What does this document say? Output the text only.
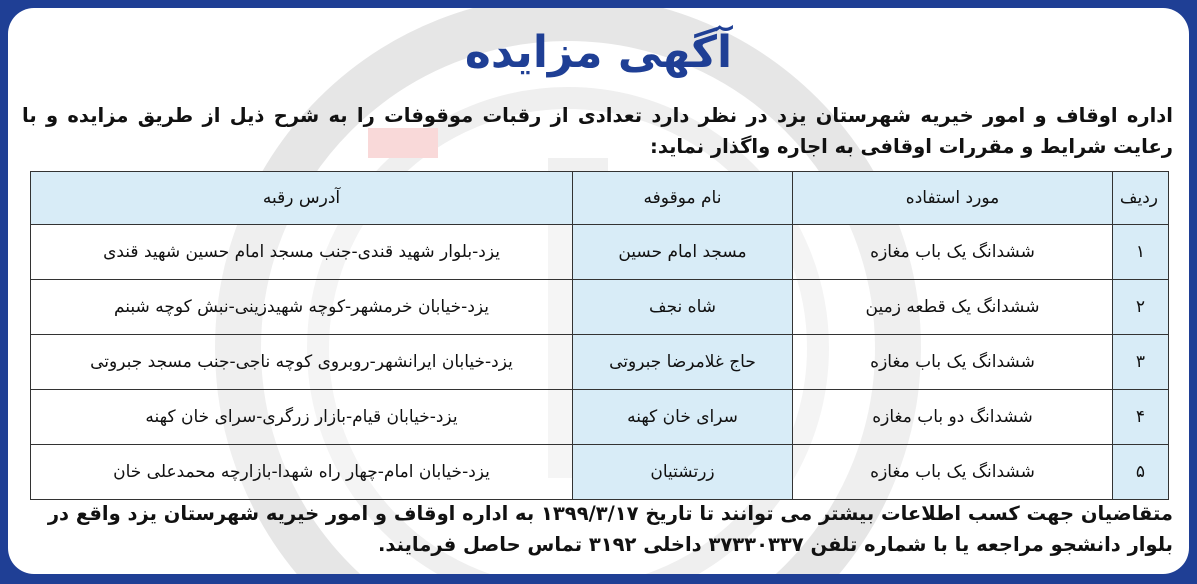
آگهی مزایده
اداره اوقاف و امور خیریه شهرستان یزد در نظر دارد تعدادی از رقبات موقوفات را به شرح ذیل از طریق مزایده و با رعایت شرایط و مقررات اوقافی به اجاره واگذار نماید:
ردیف	مورد استفاده	نام موقوفه	آدرس رقبه
۱	ششدانگ یک باب مغازه	مسجد امام حسین	یزد-بلوار شهید قندی-جنب مسجد امام حسین شهید قندی
۲	ششدانگ یک قطعه زمین	شاه نجف	یزد-خیابان خرمشهر-کوچه شهیدزینی-نبش کوچه شبنم
۳	ششدانگ یک باب مغازه	حاج غلامرضا جبروتی	یزد-خیابان ایرانشهر-روبروی کوچه ناجی-جنب مسجد جبروتی
۴	ششدانگ دو باب مغازه	سرای خان کهنه	یزد-خیابان قیام-بازار زرگری-سرای خان کهنه
۵	ششدانگ یک باب مغازه	زرتشتیان	یزد-خیابان امام-چهار راه شهدا-بازارچه محمدعلی خان
متقاضیان جهت کسب اطلاعات بیشتر می توانند تا تاریخ ۱۳۹۹/۳/۱۷ به اداره اوقاف و امور خیریه شهرستان یزد واقع در بلوار دانشجو مراجعه یا با شماره تلفن ۳۷۳۳۰۳۳۷ داخلی ۳۱۹۲ تماس حاصل فرمایند.
